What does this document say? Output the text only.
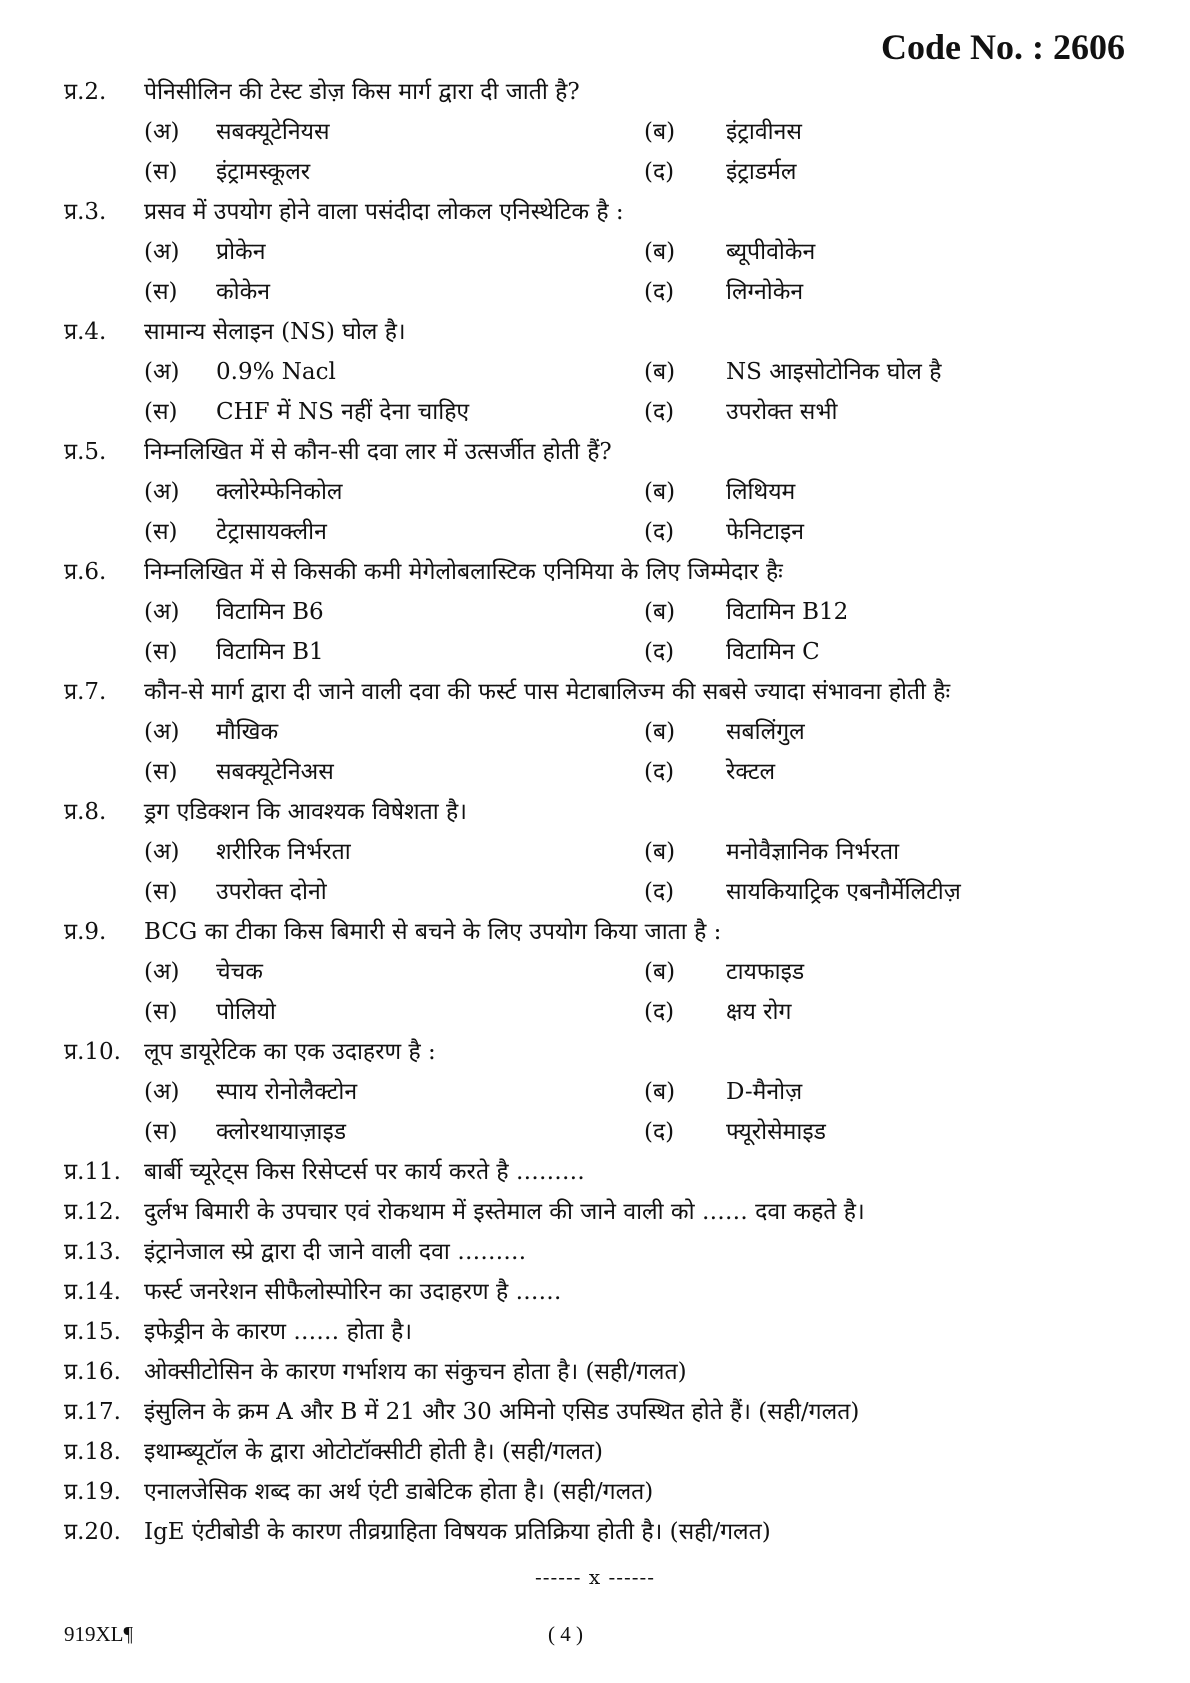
Code No. : 2606
प्र.2. पेनिसीलिन की टेस्ट डोज़ किस मार्ग द्वारा दी जाती है?
(अ) सबक्यूटेनियस	(ब) इंट्रावीनस
(स) इंट्रामस्कूलर	(द) इंट्राडर्मल
प्र.3. प्रसव में उपयोग होने वाला पसंदीदा लोकल एनिस्थेटिक है :
(अ) प्रोकेन	(ब) ब्यूपीवोकेन
(स) कोकेन	(द) लिग्नोकेन
प्र.4. सामान्य सेलाइन (NS) घोल है।
(अ) 0.9% Nacl	(ब) NS आइसोटोनिक घोल है
(स) CHF में NS नहीं देना चाहिए	(द) उपरोक्त सभी
प्र.5. निम्नलिखित में से कौन-सी दवा लार में उत्सर्जीत होती हैं?
(अ) क्लोरेम्फेनिकोल	(ब) लिथियम
(स) टेट्रासायक्लीन	(द) फेनिटाइन
प्र.6. निम्नलिखित में से किसकी कमी मेगेलोबलास्टिक एनिमिया के लिए जिम्मेदार हैः
(अ) विटामिन B6	(ब) विटामिन B12
(स) विटामिन B1	(द) विटामिन C
प्र.7. कौन-से मार्ग द्वारा दी जाने वाली दवा की फर्स्ट पास मेटाबालिज्म की सबसे ज्यादा संभावना होती हैः
(अ) मौखिक	(ब) सबलिंगुल
(स) सबक्यूटेनिअस	(द) रेक्टल
प्र.8. ड्रग एडिक्शन कि आवश्यक विषेशता है।
(अ) शरीरिक निर्भरता	(ब) मनोवैज्ञानिक निर्भरता
(स) उपरोक्त दोनो	(द) सायकियाट्रिक एबनौर्मेलिटीज़
प्र.9. BCG का टीका किस बिमारी से बचने के लिए उपयोग किया जाता है :
(अ) चेचक	(ब) टायफाइड
(स) पोलियो	(द) क्षय रोग
प्र.10. लूप डायूरेटिक का एक उदाहरण है :
(अ) स्पाय रोनोलैक्टोन	(ब) D-मैनोज़
(स) क्लोरथायाज़ाइड	(द) फ्यूरोसेमाइड
प्र.11. बार्बी च्यूरेट्स किस रिसेप्टर्स पर कार्य करते है ………
प्र.12. दुर्लभ बिमारी के उपचार एवं रोकथाम में इस्तेमाल की जाने वाली को …… दवा कहते है।
प्र.13. इंट्रानेजाल स्प्रे द्वारा दी जाने वाली दवा ………
प्र.14. फर्स्ट जनरेशन सीफैलोस्पोरिन का उदाहरण है ……
प्र.15. इफेड्रीन के कारण …… होता है।
प्र.16. ओक्सीटोसिन के कारण गर्भाशय का संकुचन होता है। (सही/गलत)
प्र.17. इंसुलिन के क्रम A और B में 21 और 30 अमिनो एसिड उपस्थित होते हैं। (सही/गलत)
प्र.18. इथाम्ब्यूटॉल के द्वारा ओटोटॉक्सीटी होती है। (सही/गलत)
प्र.19. एनालजेसिक शब्द का अर्थ एंटी डाबेटिक होता है। (सही/गलत)
प्र.20. IgE एंटीबोडी के कारण तीव्रग्राहिता विषयक प्रतिक्रिया होती है। (सही/गलत)
------ x ------
919XL¶	( 4 )
